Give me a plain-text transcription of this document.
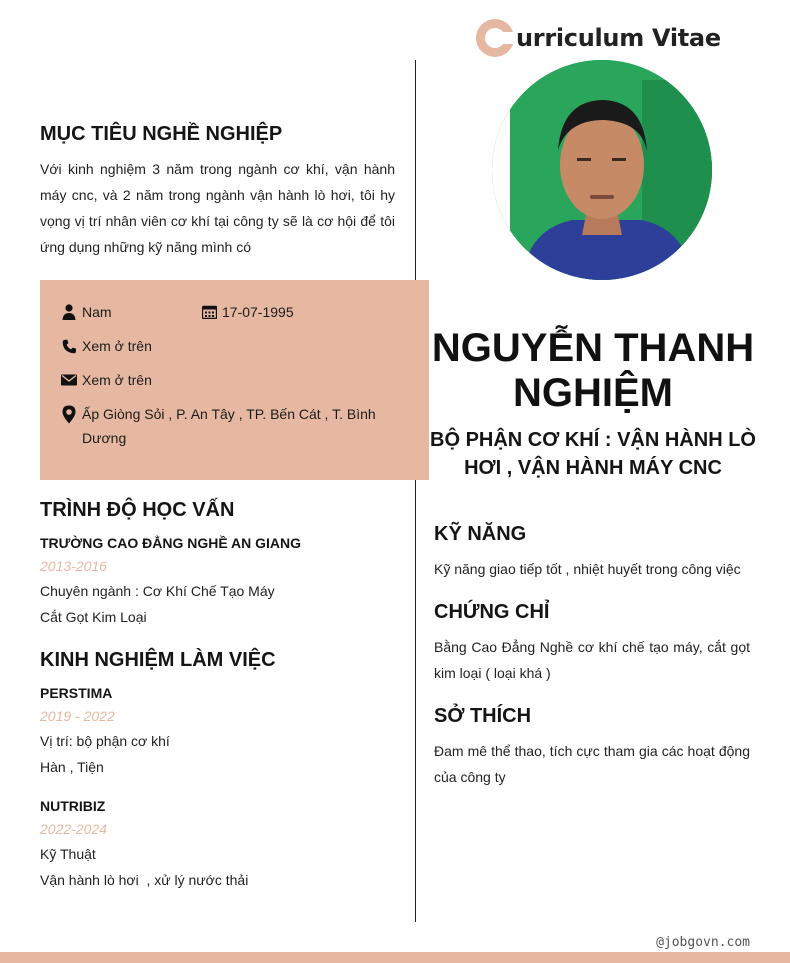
urriculum Vitae
MỤC TIÊU NGHỀ NGHIỆP
Với kinh nghiệm 3 năm trong ngành cơ khí, vận hành máy cnc, và 2 năm trong ngành vận hành lò hơi, tôi hy vọng vị trí nhân viên cơ khí tại công ty sẽ là cơ hội để tôi ứng dụng những kỹ năng mình có
Nam	17-07-1995
Xem ở trên
Xem ở trên
Ấp Giòng Sỏi , P. An Tây , TP. Bến Cát , T. Bình Dương
TRÌNH ĐỘ HỌC VẤN
TRƯỜNG CAO ĐẲNG NGHỀ AN GIANG
2013-2016
Chuyên ngành : Cơ Khí Chế Tạo Máy
Cắt Gọt Kim Loại
KINH NGHIỆM LÀM VIỆC
PERSTIMA
2019 - 2022
Vị trí: bộ phận cơ khí
Hàn , Tiện
NUTRIBIZ
2022-2024
Kỹ Thuật
Vận hành lò hơi  , xử lý nước thải
NGUYỄN THANH NGHIỆM
BỘ PHẬN CƠ KHÍ : VẬN HÀNH LÒ HƠI , VẬN HÀNH MÁY CNC
KỸ NĂNG
Kỹ năng giao tiếp tốt , nhiệt huyết trong công việc
CHỨNG CHỈ
Bằng Cao Đẳng Nghề cơ khí chế tạo máy, cắt gọt kim loại ( loại khá )
SỞ THÍCH
Đam mê thể thao, tích cực tham gia các hoạt động của công ty
@jobgovn.com
